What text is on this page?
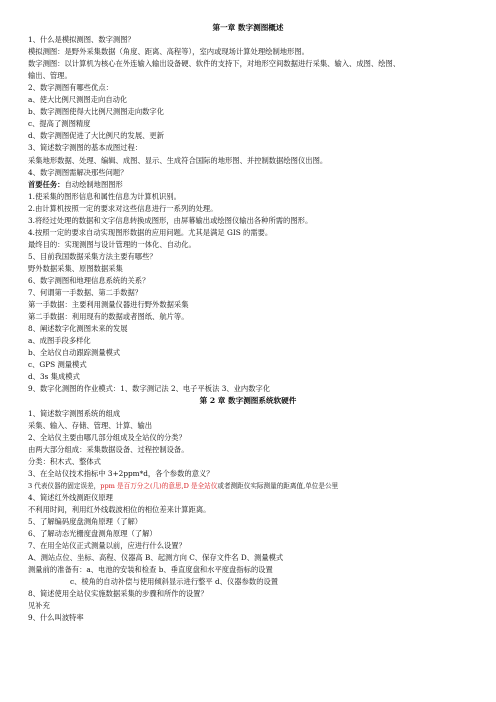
第一章 数字测图概述
1、什么是模拟测图、数字测图？
模拟测图：是野外采集数据（角度、距离、高程等），室内或现场计算处理绘制地形图。
数字测图：以计算机为核心在外连输入输出设备硬、软件的支持下，对地形空间数据进行采集、输入、成图、绘图、
输出、管理。
2、数字测图有哪些优点：
a、使大比例尺测图走向自动化
b、数字测图使得大比例尺测图走向数字化
c、提高了测图精度
d、数字测图促进了大比例尺的发展、更新
3、简述数字测图的基本成图过程：
采集地形数据、处理、编辑、成图、显示、生成符合国际的地形图、并控制数据绘图仪出图。
4、数字测图需解决那些问题？
首要任务：自动绘制地图图形
1.使采集的图形信息和属性信息为计算机识别。
2.由计算机按照一定的要求对这些信息进行一系列的处理。
3.将经过处理的数据和文字信息转换成图形，由屏幕输出或绘图仪输出各种所需的图形。
4.按照一定的要求自动实现图形数据的应用问题。尤其是满足 GIS 的需要。
最终目的：实现测图与设计管理的一体化、自动化。
5、目前我国数据采集方法主要有哪些？
野外数据采集、原图数据采集
6、数字测图和地理信息系统的关系？
7、何谓第一手数据、第二手数据？
第一手数据：主要利用测量仪器进行野外数据采集
第二手数据：利用现有的数据或者图纸、航片等。
8、阐述数字化测图未来的发展
a、成图手段多样化
b、全站仪自动跟踪测量模式
c、GPS 测量模式
d、3s 集成模式
9、数字化测图的作业模式：1、数字测记法 2、电子平板法 3、业内数字化
第 2 章 数字测图系统软硬件
1、简述数字测图系统的组成
采集、输入、存储、管理、计算、输出
2、全站仪主要由哪几部分组成及全站仪的分类？
由两大部分组成：采集数据设备、过程控制设备。
分类：积木式、整体式
3、在全站仪技术指标中 3+2ppm*d，各个参数的意义？
3 代表仪器的固定误差，ppm 是百万分之(几)的意思,D 是全站仪或者测距仪实际测量的距离值,单位是公里
4、简述红外线测距仪原理
不利用时间，利用红外线载波相位的相位差来计算距离。
5、了解编码度盘测角原理（了解）
6、了解动态光栅度盘测角原理（了解）
7、在用全站仪正式测量以前，应进行什么设置？
A、测站点位、坐标、高程、仪器高 B、起测方向 C、保存文件名 D、测量模式
测量前的准备有：a、电池的安装和检查 b、垂直度盘和水平度盘指标的设置
c、棱角的自动补偿与使用倾斜显示进行整平 d、仪器参数的设置
8、简述使用全站仪实施数据采集的步骤和所作的设置？
见补充
9、什么叫波特率
